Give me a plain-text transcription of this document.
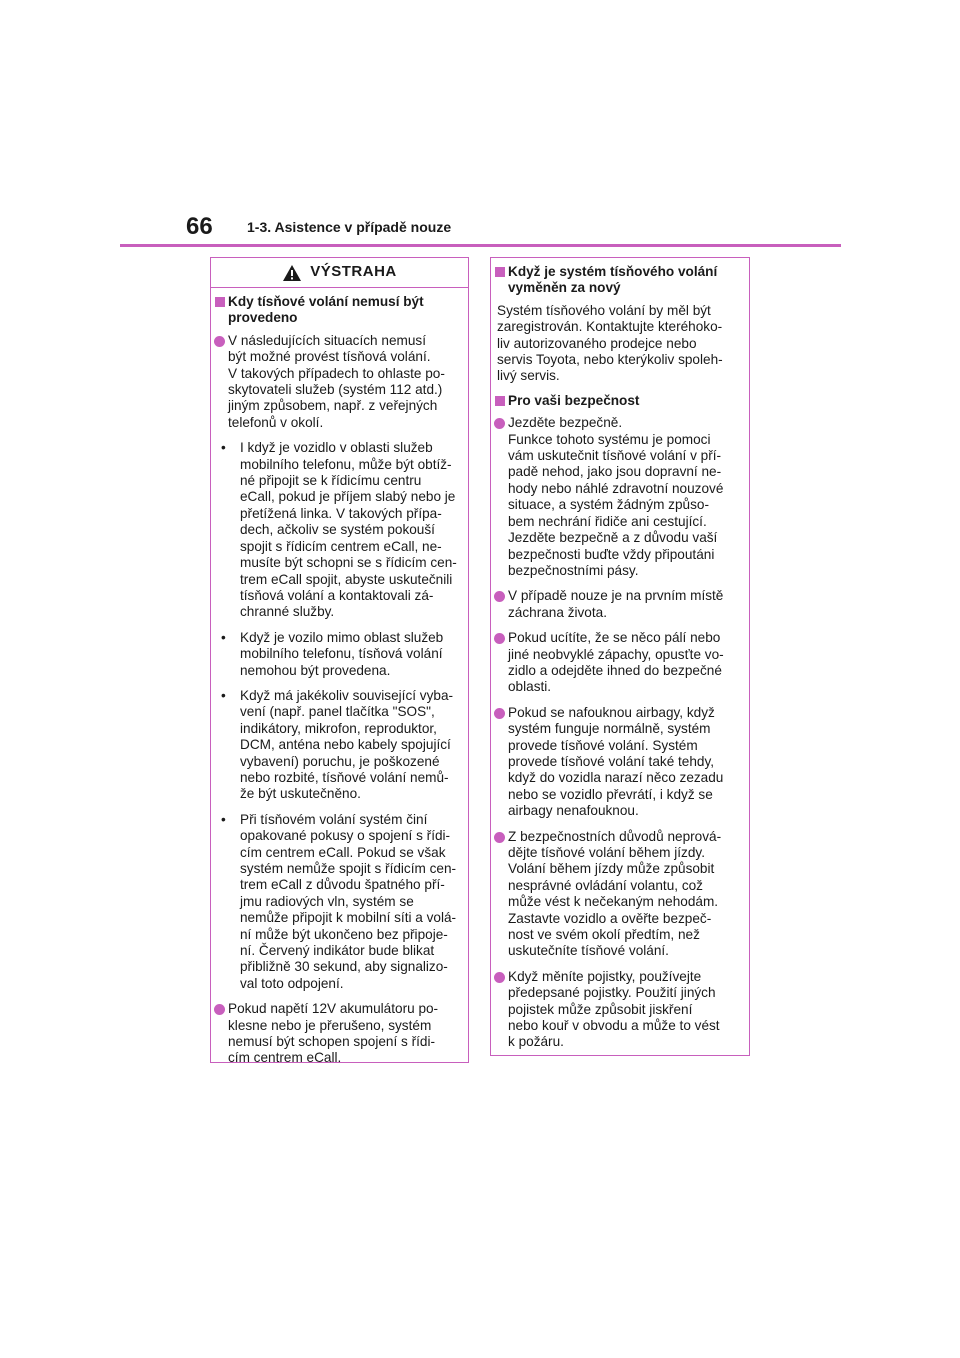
66 1-3. Asistence v případě nouze
VÝSTRAHA
Kdy tísňové volání nemusí být
provedeno
V následujících situacích nemusí
být možné provést tísňová volání.
V takových případech to ohlaste po-
skytovateli služeb (systém 112 atd.)
jiným způsobem, např. z veřejných
telefonů v okolí.
• I když je vozidlo v oblasti služeb
mobilního telefonu, může být obtíž-
né připojit se k řídicímu centru
eCall, pokud je příjem slabý nebo je
přetížená linka. V takových přípa-
dech, ačkoliv se systém pokouší
spojit s řídicím centrem eCall, ne-
musíte být schopni se s řídicím cen-
trem eCall spojit, abyste uskutečnili
tísňová volání a kontaktovali zá-
chranné služby.
• Když je vozilo mimo oblast služeb
mobilního telefonu, tísňová volání
nemohou být provedena.
• Když má jakékoliv související vyba-
vení (např. panel tlačítka "SOS",
indikátory, mikrofon, reproduktor,
DCM, anténa nebo kabely spojující
vybavení) poruchu, je poškozené
nebo rozbité, tísňové volání nemů-
že být uskutečněno.
• Při tísňovém volání systém činí
opakované pokusy o spojení s řídi-
cím centrem eCall. Pokud se však
systém nemůže spojit s řídicím cen-
trem eCall z důvodu špatného pří-
jmu radiových vln, systém se
nemůže připojit k mobilní síti a volá-
ní může být ukončeno bez připoje-
ní. Červený indikátor bude blikat
přibližně 30 sekund, aby signalizo-
val toto odpojení.
Pokud napětí 12V akumulátoru po-
klesne nebo je přerušeno, systém
nemusí být schopen spojení s řídi-
cím centrem eCall.
Když je systém tísňového volání
vyměněn za nový
Systém tísňového volání by měl být
zaregistrován. Kontaktujte kteréhoko-
liv autorizovaného prodejce nebo
servis Toyota, nebo kterýkoliv spoleh-
livý servis.
Pro vaši bezpečnost
Jezděte bezpečně.
Funkce tohoto systému je pomoci
vám uskutečnit tísňové volání v pří-
padě nehod, jako jsou dopravní ne-
hody nebo náhlé zdravotní nouzové
situace, a systém žádným způso-
bem nechrání řidiče ani cestující.
Jezděte bezpečně a z důvodu vaší
bezpečnosti buďte vždy připoutáni
bezpečnostními pásy.
V případě nouze je na prvním místě
záchrana života.
Pokud ucítíte, že se něco pálí nebo
jiné neobvyklé zápachy, opusťte vo-
zidlo a odejděte ihned do bezpečné
oblasti.
Pokud se nafouknou airbagy, když
systém funguje normálně, systém
provede tísňové volání. Systém
provede tísňové volání také tehdy,
když do vozidla narazí něco zezadu
nebo se vozidlo převrátí, i když se
airbagy nenafouknou.
Z bezpečnostních důvodů neprová-
dějte tísňové volání během jízdy.
Volání během jízdy může způsobit
nesprávné ovládání volantu, což
může vést k nečekaným nehodám.
Zastavte vozidlo a ověřte bezpeč-
nost ve svém okolí předtím, než
uskutečníte tísňové volání.
Když měníte pojistky, používejte
předepsané pojistky. Použití jiných
pojistek může způsobit jiskření
nebo kouř v obvodu a může to vést
k požáru.
